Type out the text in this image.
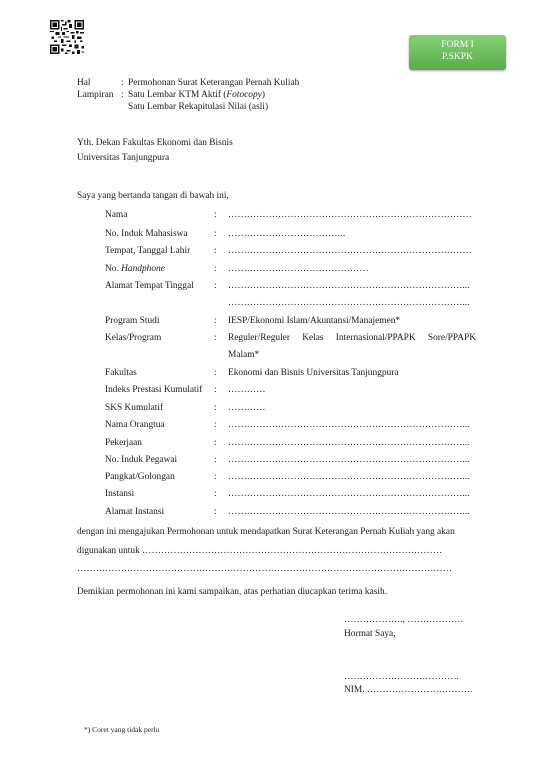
FORM I
P.SKPK
Hal	: Permohonan Surat Keterangan Pernah Kuliah
Lampiran : Satu Lembar KTM Aktif (Fotocopy)
Satu Lembar Rekapitulasi Nilai (asli)
Yth. Dekan Fakultas Ekonomi dan Bisnis
Universitas Tanjungpura
Saya yang bertanda tangan di bawah ini,
Nama	: ……………………………………………………………………
No. Induk Mahasiswa	: ………………………………..
Tempat, Tanggal Lahir	: ……………………………………………………………………
No. Handphone	: ………………………………………
Alamat Tempat Tinggal : …………………………………………………………………...
…………………………………………………………………...
Program Studi	: IESP/Ekonomi Islam/Akuntansi/Manajemen*
Kelas/Program	: Reguler/Reguler Kelas Internasional/PPAPK Sore/PPAPK
Malam*
Fakultas	: Ekonomi dan Bisnis Universitas Tanjungpura
Indeks Prestasi Kumulatif : …………
SKS Kumulatif	: …………
Nama Orangtua	: …………………………………………………………………...
Pekerjaan	: …………………………………………………………………...
No. Induk Pegawai	: …………………………………………………………………...
Pangkat/Golongan	: …………………………………………………………………...
Instansi	: …………………………………………………………………...
Alamat Instansi	: …………………………………………………………………...
dengan ini mengajukan Permohonan untuk mendapatkan Surat Keterangan Pernah Kuliah yang akan
digunakan untuk ……………………………………………………………………………………
…………………………………………………………………………………………………………
Demikian permohonan ini kami sampaikan, atas perhatian diucapkan terima kasih.
………………., ………………
Hormat Saya,
……………………………….
NIM. …………………………….
*) Coret yang tidak perlu
